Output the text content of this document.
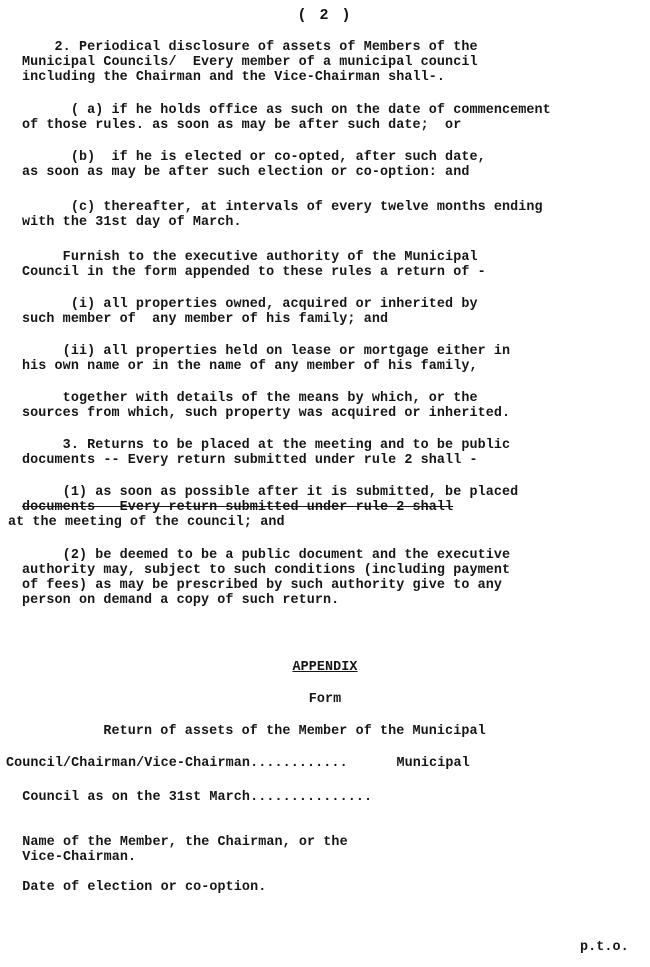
( 2 )
2. Periodical disclosure of assets of Members of the
Municipal Councils/  Every member of a municipal council
including the Chairman and the Vice-Chairman shall-.
( a) if he holds office as such on the date of commencement
of those rules. as soon as may be after such date;  or
(b)  if he is elected or co-opted, after such date,
as soon as may be after such election or co-option: and
(c) thereafter, at intervals of every twelve months ending
with the 31st day of March.
Furnish to the executive authority of the Municipal
Council in the form appended to these rules a return of -
(i) all properties owned, acquired or inherited by
such member of  any member of his family; and
(ii) all properties held on lease or mortgage either in
his own name or in the name of any member of his family,
together with details of the means by which, or the
sources from which, such property was acquired or inherited.
3. Returns to be placed at the meeting and to be public
documents -- Every return submitted under rule 2 shall -
(1) as soon as possible after it is submitted, be placed
documents   Every return submitted under rule 2 shall
at the meeting of the council; and
(2) be deemed to be a public document and the executive
authority may, subject to such conditions (including payment
of fees) as may be prescribed by such authority give to any
person on demand a copy of such return.
APPENDIX
Form
Return of assets of the Member of the Municipal
Council/Chairman/Vice-Chairman............      Municipal
Council as on the 31st March...............
Name of the Member, the Chairman, or the
Vice-Chairman.
Date of election or co-option.
p.t.o.
